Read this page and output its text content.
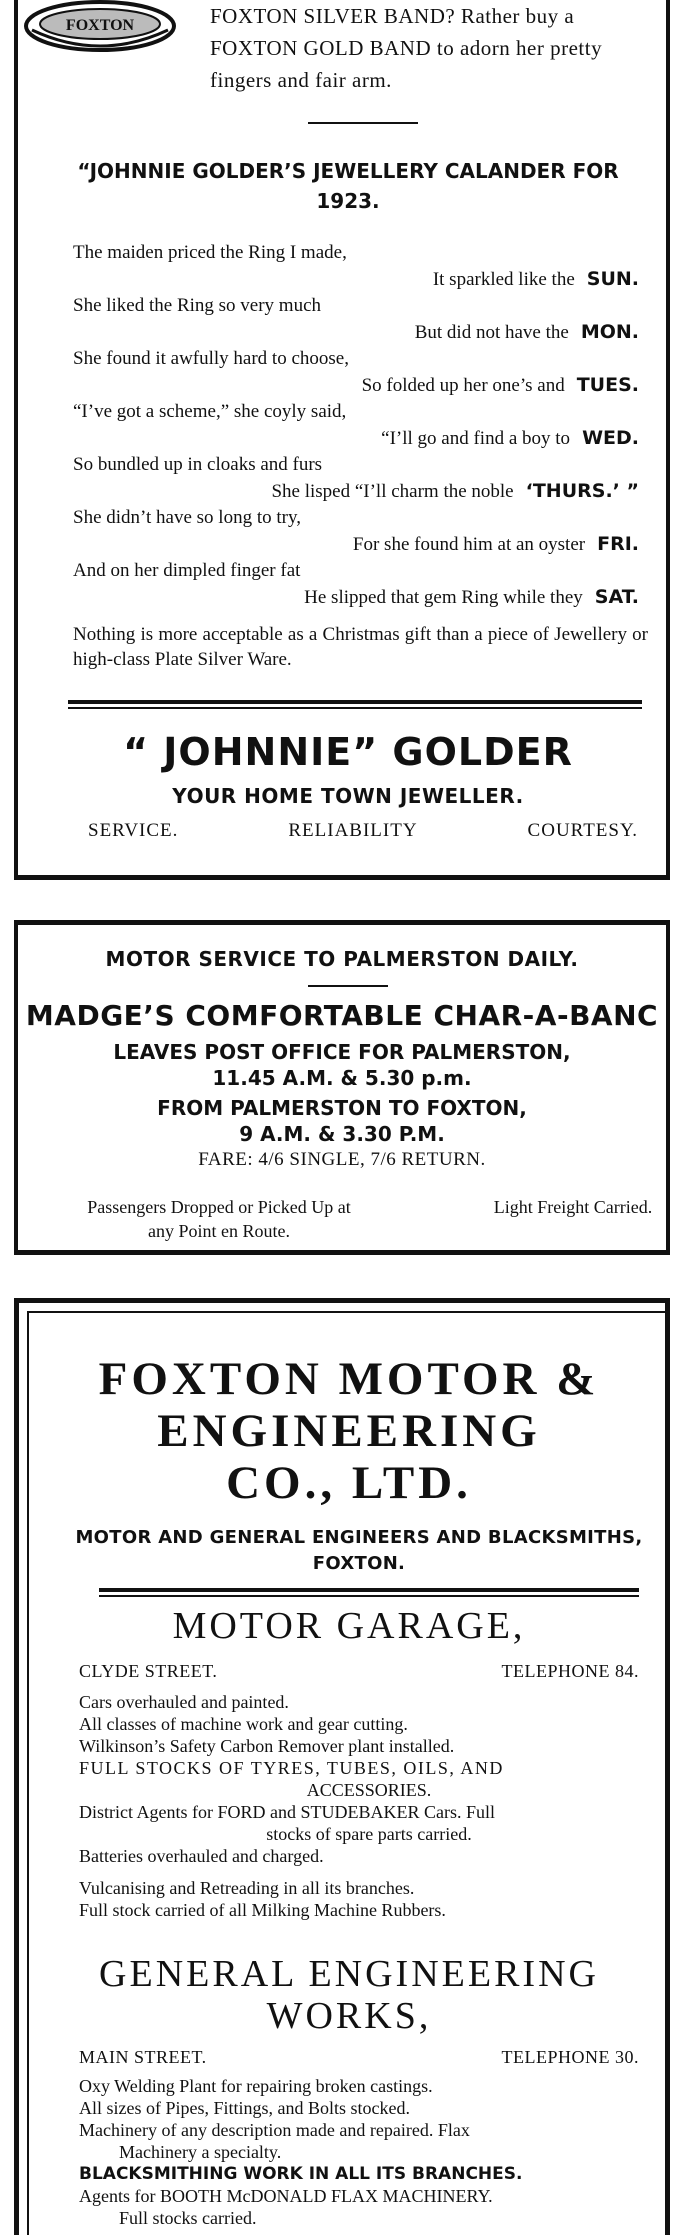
FOXTON	FOXTON SILVER BAND? Rather buy a FOXTON GOLD BAND to adorn her pretty fingers and fair arm.
“JOHNNIE GOLDER’S JEWELLERY CALANDER FOR 1923.
The maiden priced the Ring I made,
It sparkled like the SUN.
She liked the Ring so very much
But did not have the MON.
She found it awfully hard to choose,
So folded up her one’s and TUES.
“I’ve got a scheme,” she coyly said,
“I’ll go and find a boy to WED.
So bundled up in cloaks and furs
She lisped “I’ll charm the noble ‘THURS.’ ”
She didn’t have so long to try,
For she found him at an oyster FRI.
And on her dimpled finger fat
He slipped that gem Ring while they SAT.
Nothing is more acceptable as a Christmas gift than a piece of Jewellery or high-class Plate Silver Ware.
“ JOHNNIE” GOLDER
YOUR HOME TOWN JEWELLER.
SERVICE.	RELIABILITY	COURTESY.
MOTOR SERVICE TO PALMERSTON DAILY.
MADGE’S COMFORTABLE CHAR-A-BANC
LEAVES POST OFFICE FOR PALMERSTON,
11.45 A.M. & 5.30 p.m.
FROM PALMERSTON TO FOXTON,
9 A.M. & 3.30 P.M.
FARE: 4/6 SINGLE, 7/6 RETURN.
Passengers Dropped or Picked Up at any Point en Route.
Light Freight Carried.
FOXTON MOTOR &
ENGINEERING
CO., LTD.
MOTOR AND GENERAL ENGINEERS AND BLACKSMITHS,
FOXTON.
MOTOR GARAGE,
CLYDE STREET.	TELEPHONE 84.
Cars overhauled and painted.
All classes of machine work and gear cutting.
Wilkinson’s Safety Carbon Remover plant installed.
FULL STOCKS OF TYRES, TUBES, OILS, AND
ACCESSORIES.
District Agents for FORD and STUDEBAKER Cars. Full
stocks of spare parts carried.
Batteries overhauled and charged.
Vulcanising and Retreading in all its branches.
Full stock carried of all Milking Machine Rubbers.
GENERAL ENGINEERING
WORKS,
MAIN STREET.	TELEPHONE 30.
Oxy Welding Plant for repairing broken castings.
All sizes of Pipes, Fittings, and Bolts stocked.
Machinery of any description made and repaired. Flax
Machinery a specialty.
BLACKSMITHING WORK IN ALL ITS BRANCHES.
Agents for BOOTH McDONALD FLAX MACHINERY.
Full stocks carried.
